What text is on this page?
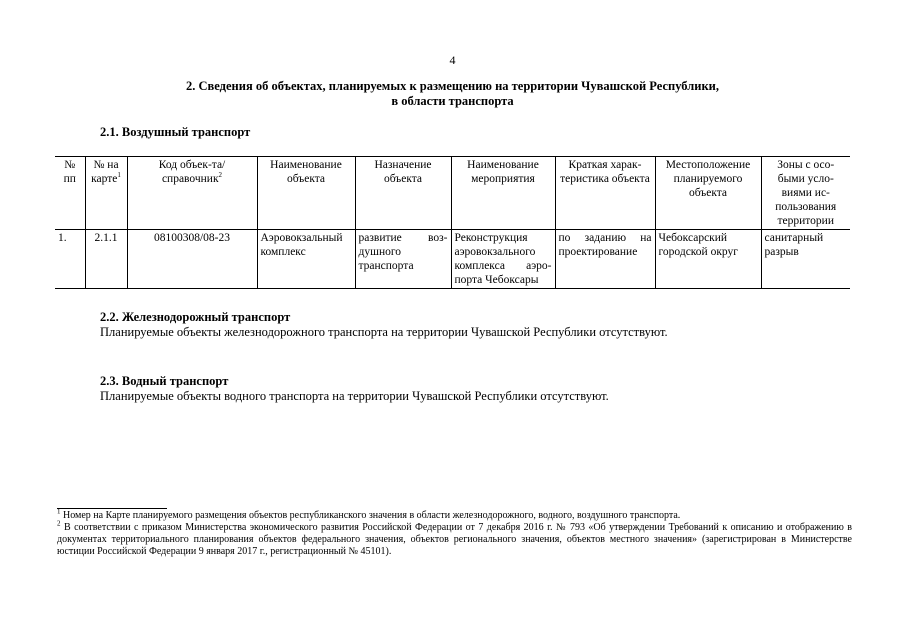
4
2. Сведения об объектах, планируемых к размещению на территории Чувашской Республики,
в области транспорта
2.1. Воздушный транспорт
№ пп	№ на карте$^1$	Код объек-та/справочник$^2$	Наименование объекта	Назначение объекта	Наименование мероприятия	Краткая харак-теристика объекта	Местоположение планируемого объекта	Зоны с осо-быми усло-виями ис-пользования территории
1.	2.1.1	08100308/08-23	Аэровокзальный комплекс	развитие воз-душного транспорта	Реконструкция аэровокзального комплекса аэро-порта Чебоксары	по заданию на проектирование	Чебоксарский городской округ	санитарный разрыв
2.2. Железнодорожный транспорт
Планируемые объекты железнодорожного транспорта на территории Чувашской Республики отсутствуют.
2.3. Водный транспорт
Планируемые объекты водного транспорта на территории Чувашской Республики отсутствуют.
$^1$ Номер на Карте планируемого размещения объектов республиканского значения в области железнодорожного, водного, воздушного транспорта.
$^2$ В соответствии с приказом Министерства экономического развития Российской Федерации от 7 декабря 2016 г. № 793 «Об утверждении Требований к описанию и отображению в документах территориального планирования объектов федерального значения, объектов регионального значения, объектов местного значения» (зарегистрирован в Министерстве юстиции Российской Федерации 9 января 2017 г., регистрационный № 45101).
